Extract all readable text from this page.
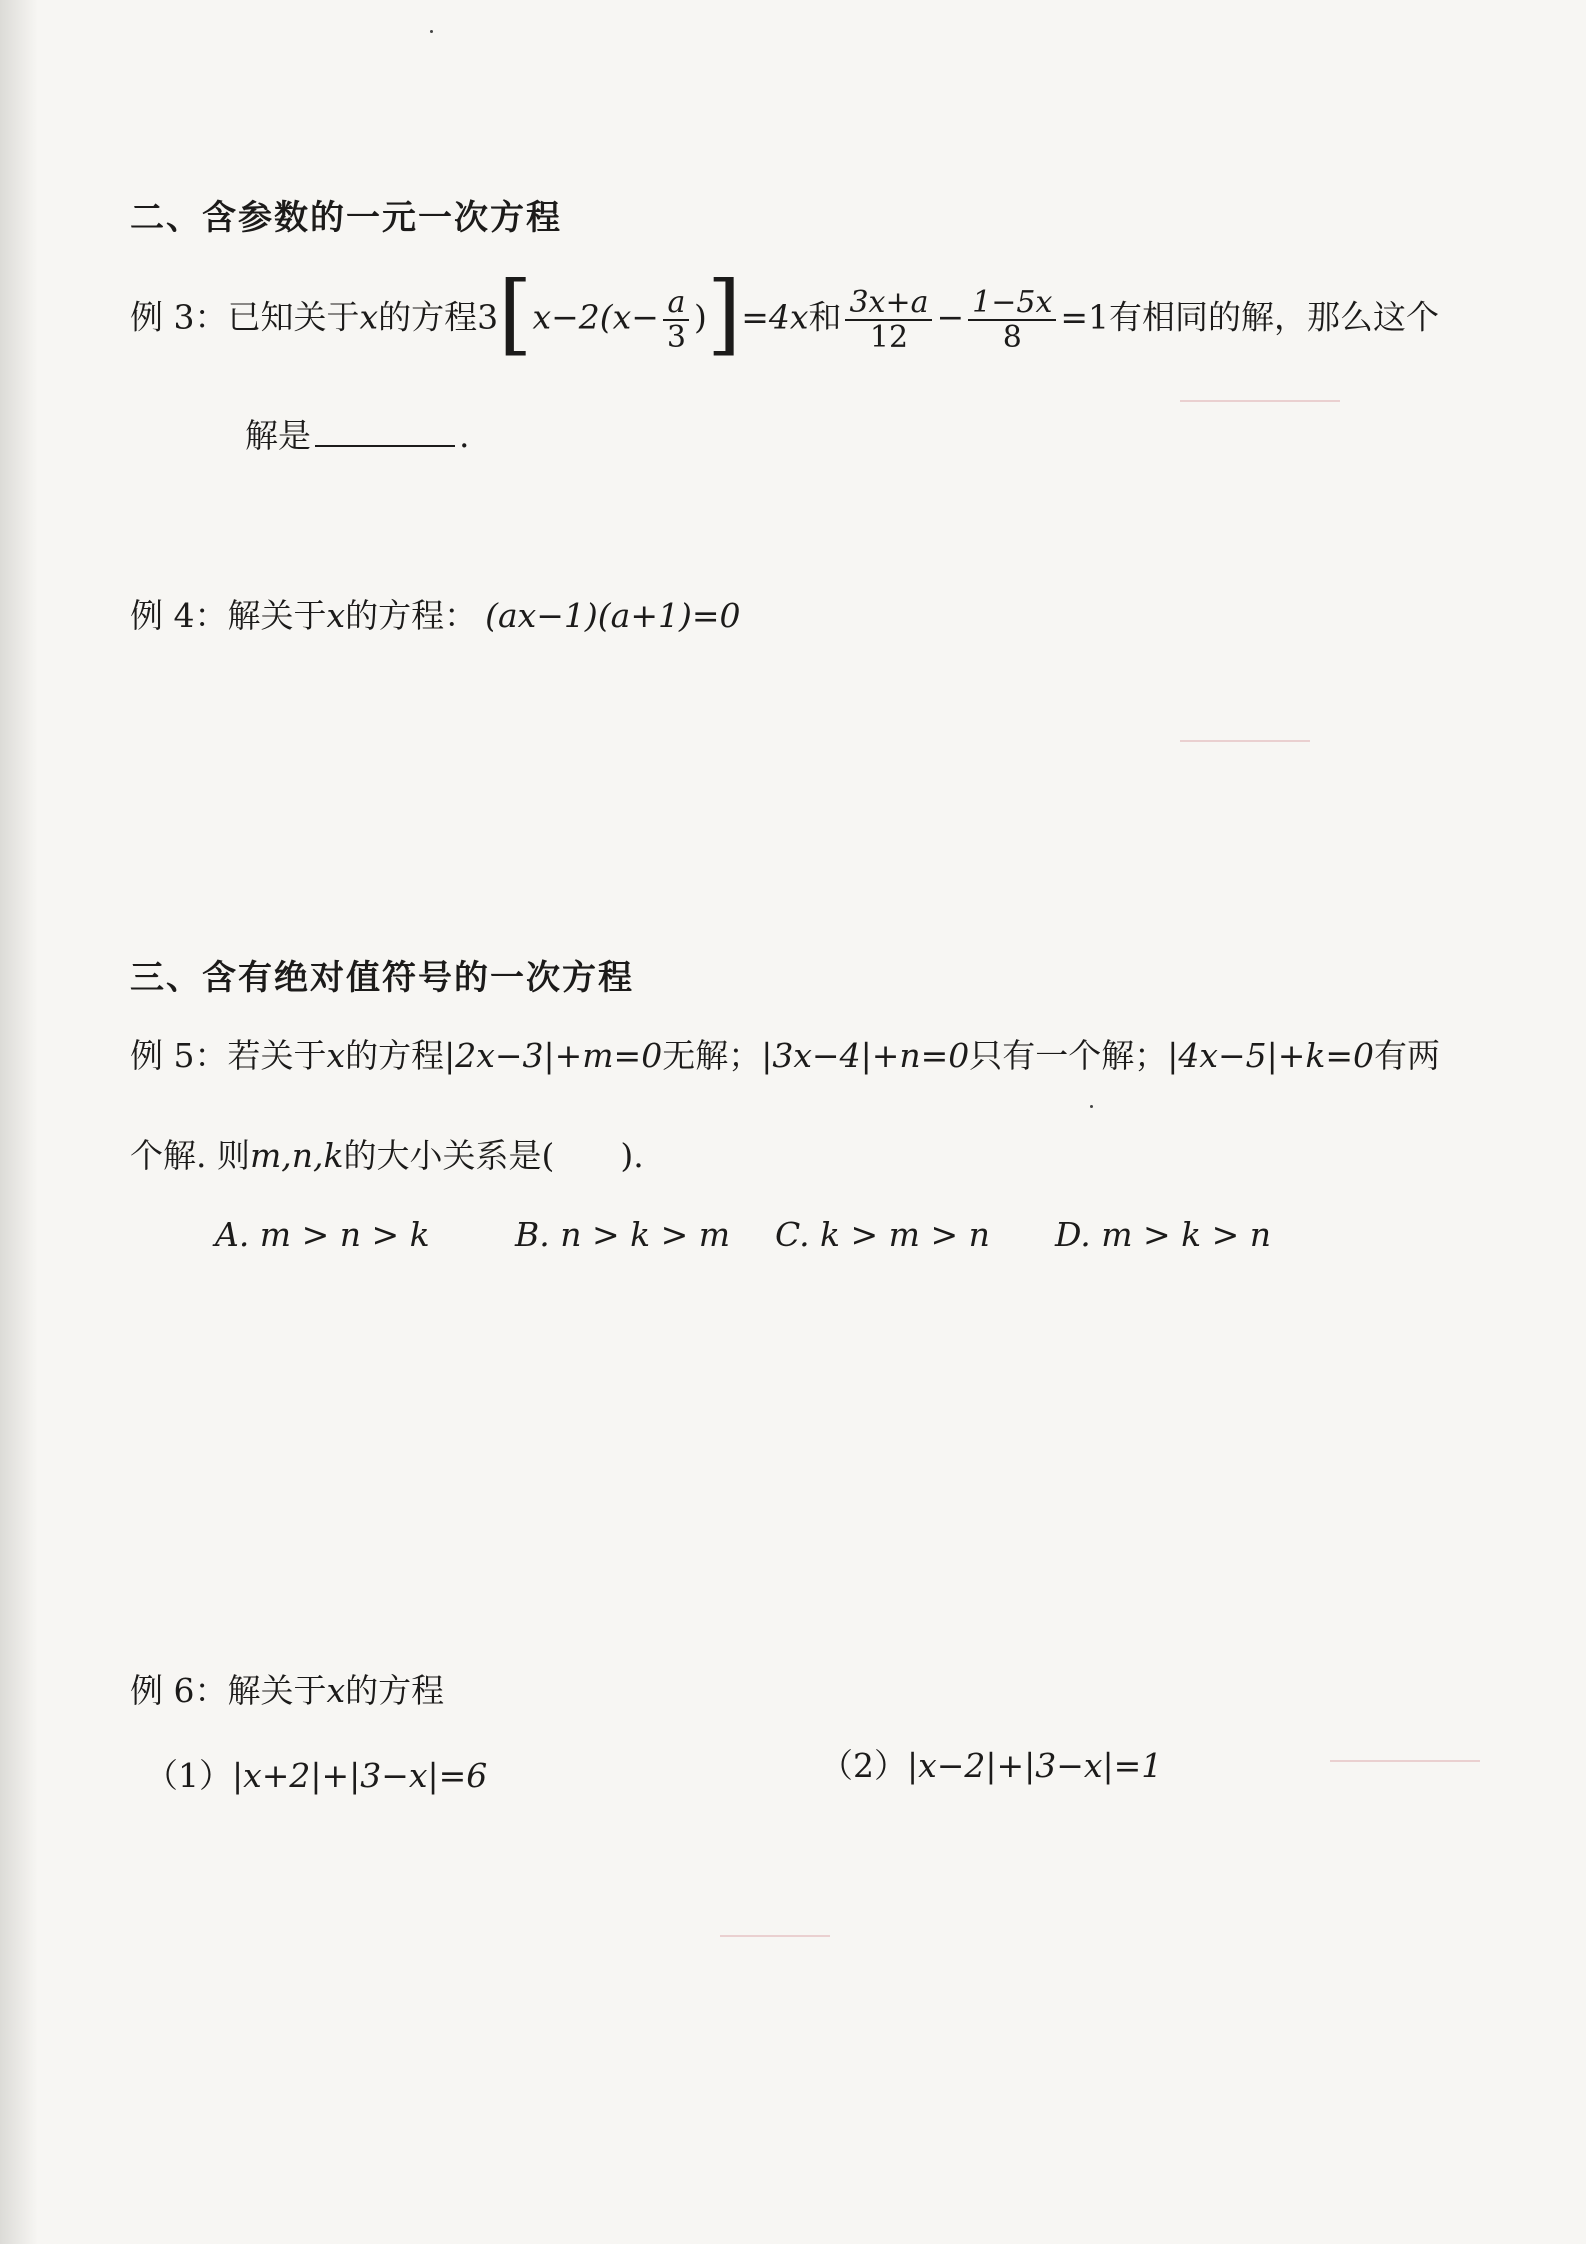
二、含参数的一元一次方程
例 3：已知关于x的方程$3[x-2(x- \frac{a}{3} )]=4x$和 $\frac{3x+a}{12} - \frac{1-5x}{8} =1$有相同的解，那么这个
解是	.
例 4：解关于x的方程： (ax−1)(a+1)=0
三、含有绝对值符号的一次方程
例 5：若关于x的方程|2x−3|+m=0无解；|3x−4|+n=0只有一个解；|4x−5|+k=0有两
个解. 则m,n,k的大小关系是(　　).
A. m > n > k	B. n > k > m C. k > m > n D. m > k > n
例 6：解关于x的方程
（1）|x+2|+|3−x|=6	（2）|x−2|+|3−x|=1
